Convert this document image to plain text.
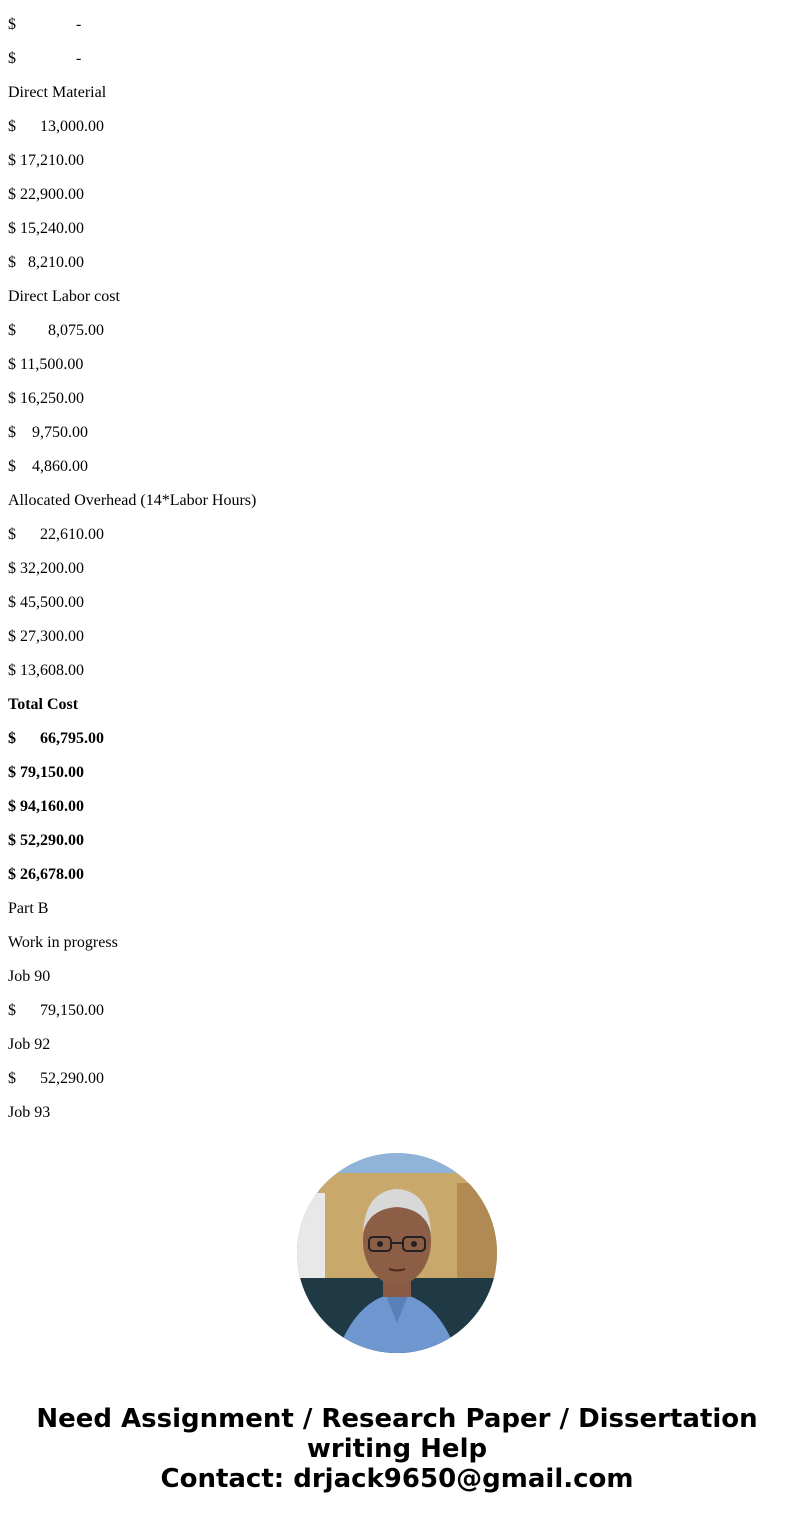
$               -
$               -
Direct Material
$      13,000.00
$ 17,210.00
$ 22,900.00
$ 15,240.00
$   8,210.00
Direct Labor cost
$        8,075.00
$ 11,500.00
$ 16,250.00
$    9,750.00
$    4,860.00
Allocated Overhead (14*Labor Hours)
$      22,610.00
$ 32,200.00
$ 45,500.00
$ 27,300.00
$ 13,608.00
Total Cost
$      66,795.00
$ 79,150.00
$ 94,160.00
$ 52,290.00
$ 26,678.00
Part B
Work in progress
Job 90
$      79,150.00
Job 92
$      52,290.00
Job 93
Need Assignment / Research Paper / Dissertation writing Help
Contact: drjack9650@gmail.com
